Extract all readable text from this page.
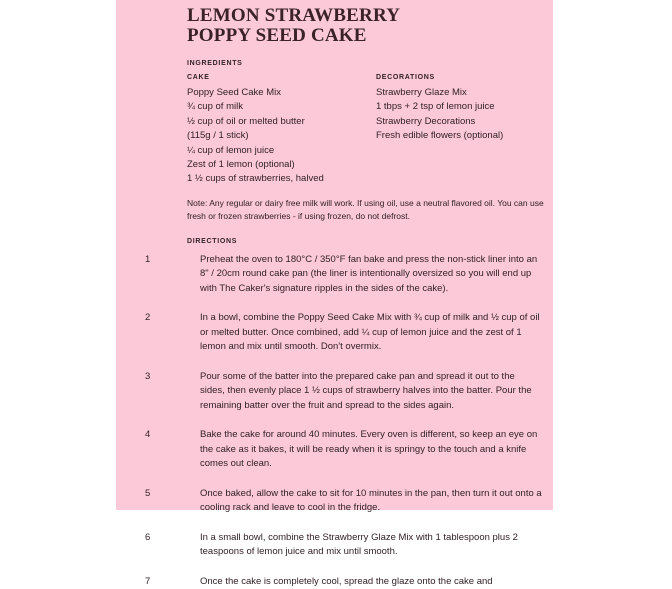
LEMON STRAWBERRY
POPPY SEED CAKE
INGREDIENTS
CAKE
Poppy Seed Cake Mix
¾ cup of milk
½ cup of oil or melted butter
(115g / 1 stick)
¼ cup of lemon juice
Zest of 1 lemon (optional)
1 ½ cups of strawberries, halved
DECORATIONS
Strawberry Glaze Mix
1 tbps + 2 tsp of lemon juice
Strawberry Decorations
Fresh edible flowers (optional)

Note: Any regular or dairy free milk will work. If using oil, use a neutral flavored oil. You can use fresh or frozen strawberries - if using frozen, do not defrost.

DIRECTIONS
1	Preheat the oven to 180°C / 350°F fan bake and press the non-stick liner into an 8" / 20cm round cake pan (the liner is intentionally oversized so you will end up with The Caker's signature ripples in the sides of the cake).
2	In a bowl, combine the Poppy Seed Cake Mix with ¾ cup of milk and ½ cup of oil or melted butter. Once combined, add ¼ cup of lemon juice and the zest of 1 lemon and mix until smooth. Don't overmix.
3	Pour some of the batter into the prepared cake pan and spread it out to the sides, then evenly place 1 ½ cups of strawberry halves into the batter. Pour the remaining batter over the fruit and spread to the sides again.
4	Bake the cake for around 40 minutes. Every oven is different, so keep an eye on the cake as it bakes, it will be ready when it is springy to the touch and a knife comes out clean.
5	Once baked, allow the cake to sit for 10 minutes in the pan, then turn it out onto a cooling rack and leave to cool in the fridge.
6	In a small bowl, combine the Strawberry Glaze Mix with 1 tablespoon plus 2 teaspoons of lemon juice and mix until smooth.
7	Once the cake is completely cool, spread the glaze onto the cake and
